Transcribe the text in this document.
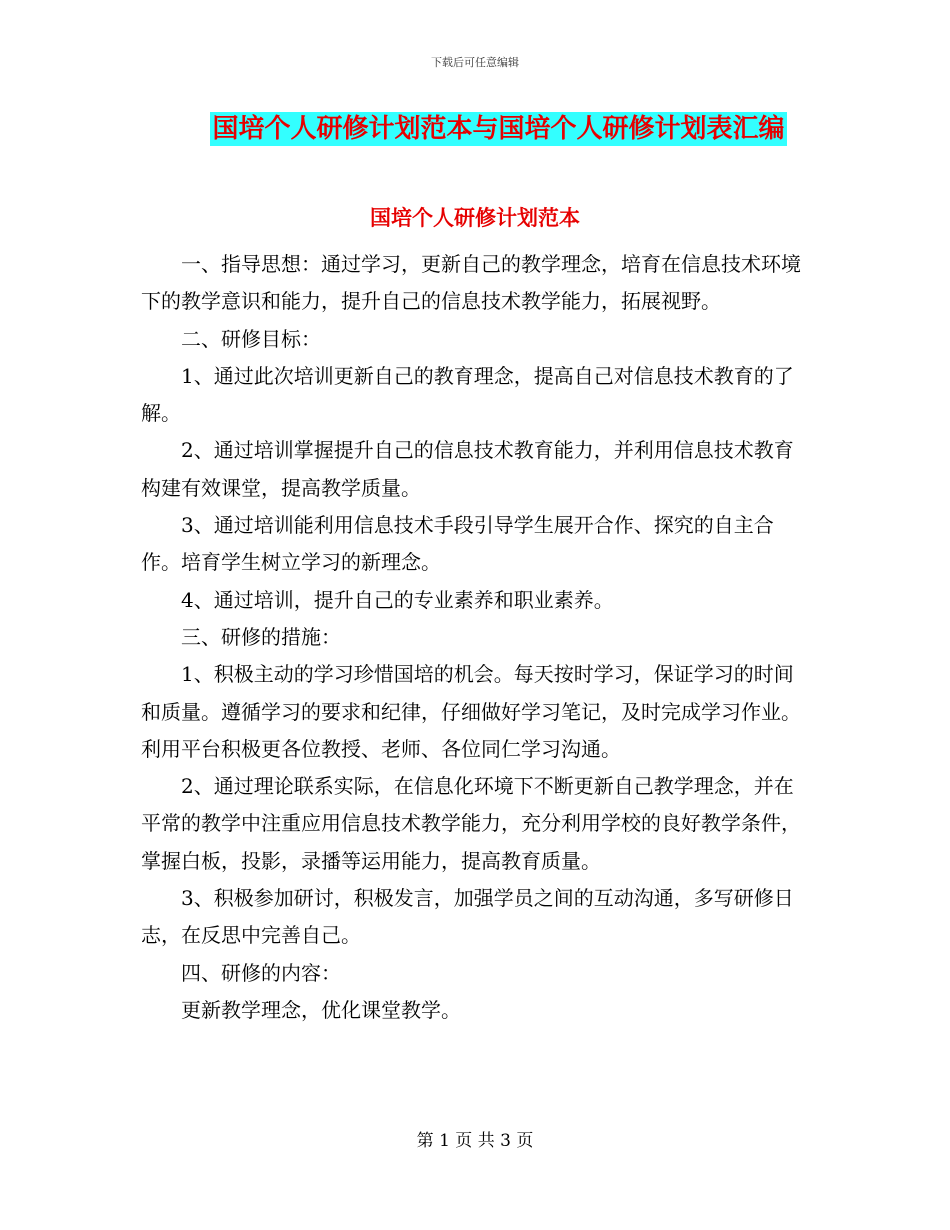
下载后可任意编辑
国培个人研修计划范本与国培个人研修计划表汇编
国培个人研修计划范本

一、指导思想：通过学习，更新自己的教学理念，培育在信息技术环境下的教学意识和能力，提升自己的信息技术教学能力，拓展视野。

二、研修目标：

1、通过此次培训更新自己的教育理念，提高自己对信息技术教育的了解。

2、通过培训掌握提升自己的信息技术教育能力，并利用信息技术教育构建有效课堂，提高教学质量。

3、通过培训能利用信息技术手段引导学生展开合作、探究的自主合作。培育学生树立学习的新理念。

4、通过培训，提升自己的专业素养和职业素养。

三、研修的措施：

1、积极主动的学习珍惜国培的机会。每天按时学习，保证学习的时间和质量。遵循学习的要求和纪律，仔细做好学习笔记，及时完成学习作业。利用平台积极更各位教授、老师、各位同仁学习沟通。

2、通过理论联系实际，在信息化环境下不断更新自己教学理念，并在平常的教学中注重应用信息技术教学能力，充分利用学校的良好教学条件，掌握白板，投影，录播等运用能力，提高教育质量。

3、积极参加研讨，积极发言，加强学员之间的互动沟通，多写研修日志，在反思中完善自己。

四、研修的内容：

更新教学理念，优化课堂教学。

第 1 页 共 3 页
